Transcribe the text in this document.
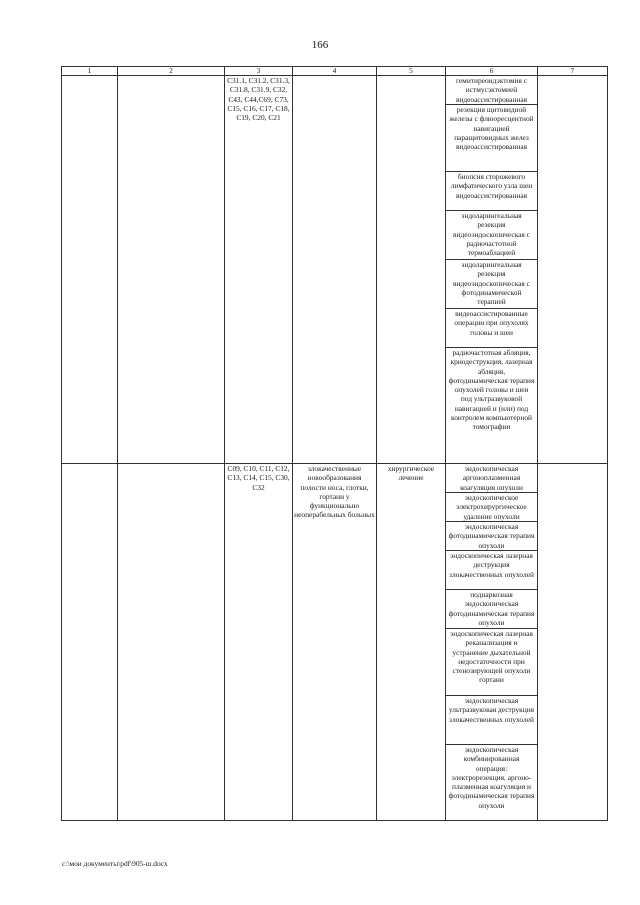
166
1	2	3	4	5	6	7
		C31.1, C31.2, C31.3, C31.8, C31.9, C32, C43, C44,C69, C73, C15, C16, C17, C18, C19, C20, C21			гемитиреоидэктомия с истмусэктомией видеоассистированная	
					резекция щитовидной железы с флюоресцентной навигацией паращитовидных желез видеоассистированная	
					биопсия сторожевого лимфатического узла шеи видеоассистированная	
					эндоларингеальная резекция видеоэндоскопическая с радиочастотной термоаблацией	
					эндоларингеальная резекция видеоэндоскопическая с фотодинамической терапией	
					видеоассистированные операции при опухолях головы и шеи	
					радиочастотная абляция, криодеструкция, лазерная абляция, фотодинамическая терапия опухолей головы и шеи под ультразвуковой навигацией и (или) под контролем компьютерной томографии	
		C09, C10, C11, C12, C13, C14, C15, C30, C32	злокачественные новообразования полости носа, глотки, гортани у функционально неоперабельных больных	хирургическое лечение	эндоскопическая аргоноплазменная коагуляция опухоли	
					эндоскопическое электрохирургическое удаление опухоли	
					эндоскопическая фотодинамическая терапия опухоли	
					эндоскопическая лазерная деструкция злокачественных опухолей	
					поднаркозная эндоскопическая фотодинамическая терапия опухоли	
					эндоскопическая лазерная реканализация и устранение дыхательной недостаточности при стенозирующей опухоли гортани	
					эндоскопическая ультразвуковая деструкция злокачественных опухолей	
					эндоскопическая комбинированная операция: электрорезекция, аргоно-плазменная коагуляция и фотодинамическая терапия опухоли	
c:\мои документы\pdf\905-ш.docx
